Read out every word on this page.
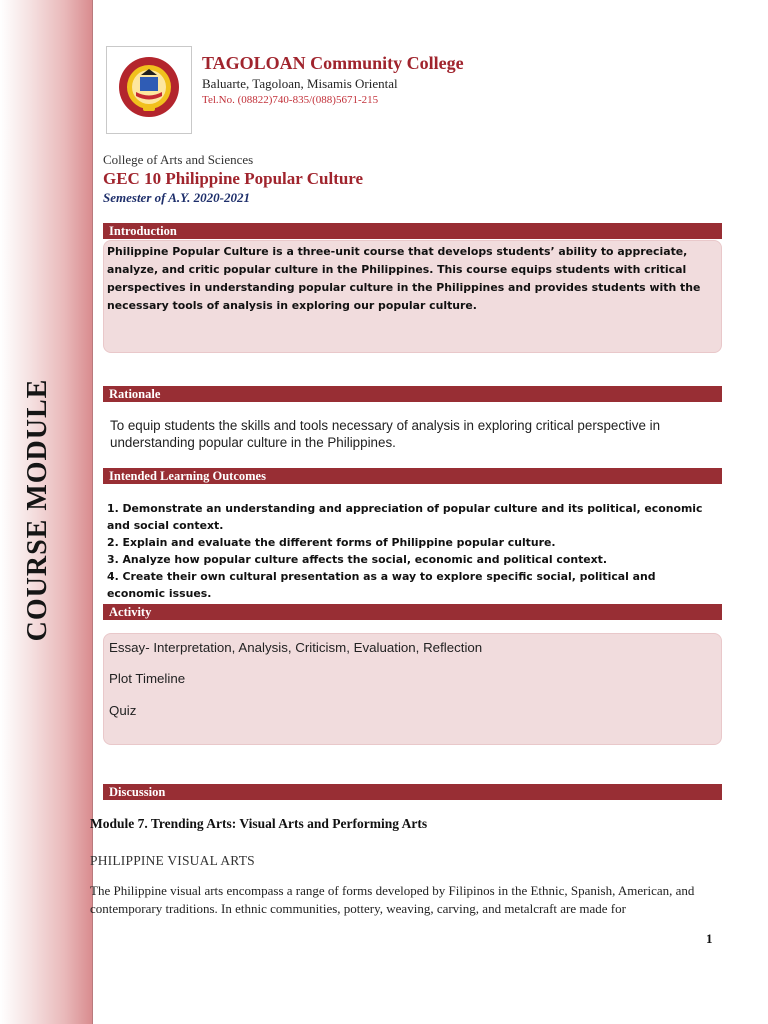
COURSE MODULE
TAGOLOAN Community College
Baluarte, Tagoloan, Misamis Oriental
Tel.No. (08822)740-835/(088)5671-215
College of Arts and Sciences
GEC 10 Philippine Popular Culture
Semester of A.Y. 2020-2021
Introduction

Philippine Popular Culture is a three-unit course that develops students’ ability to appreciate, analyze, and critic popular culture in the Philippines. This course equips students with critical perspectives in understanding popular culture in the Philippines and provides students with the necessary tools of analysis in exploring our popular culture.

Rationale

To equip students the skills and tools necessary of analysis in exploring critical perspective in understanding popular culture in the Philippines.

Intended Learning Outcomes
1. Demonstrate an understanding and appreciation of popular culture and its political, economic and social context.
2. Explain and evaluate the different forms of Philippine popular culture.
3. Analyze how popular culture affects the social, economic and political context.
4. Create their own cultural presentation as a way to explore specific social, political and economic issues.
Activity

Essay- Interpretation, Analysis, Criticism, Evaluation, Reflection

Plot Timeline

Quiz

Discussion
Module 7. Trending Arts: Visual Arts and Performing Arts
PHILIPPINE VISUAL ARTS

The Philippine visual arts encompass a range of forms developed by Filipinos in the Ethnic, Spanish, American, and contemporary traditions. In ethnic communities, pottery, weaving, carving, and metalcraft are made for

1
